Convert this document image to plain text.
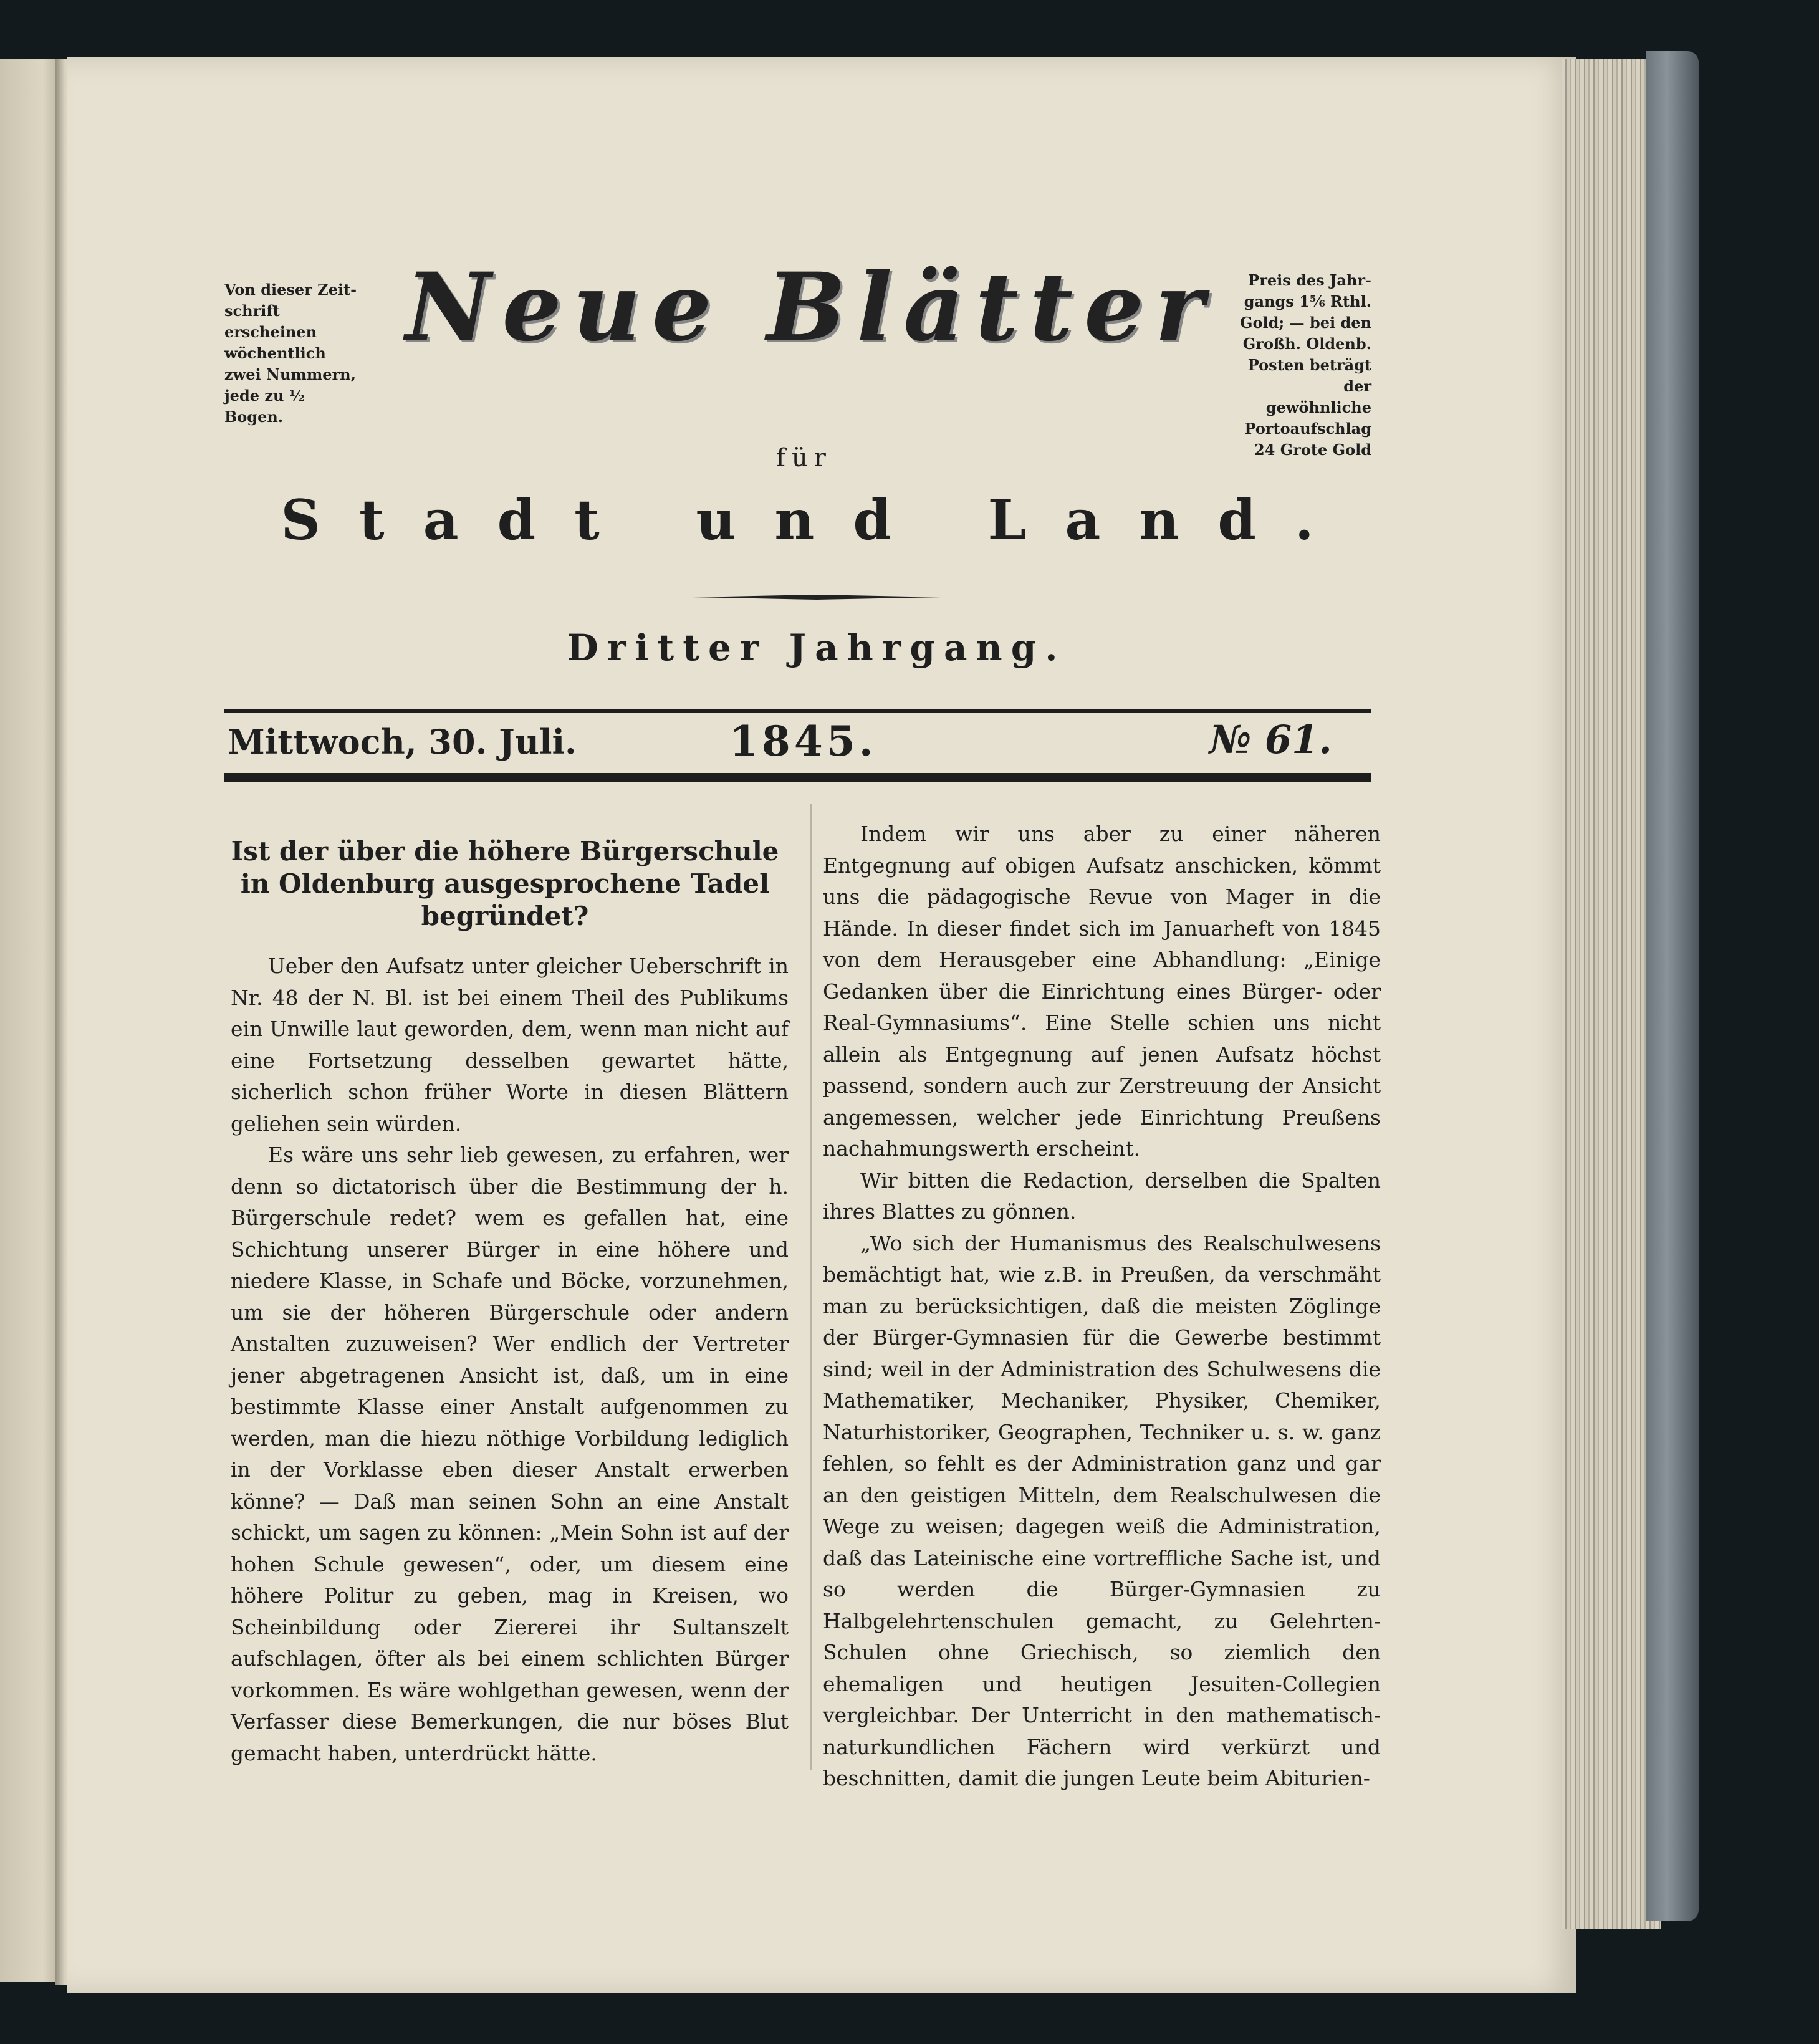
Von dieser Zeit-schrift erscheinen wöchentlich zwei Nummern, jede zu ½ Bogen.
Preis des Jahr-gangs 1⅚ Rthl. Gold; — bei den Großh. Oldenb. Posten beträgt der gewöhnliche Portoaufschlag 24 Grote Gold
Neue Blätter
für
Stadt und Land.
Dritter Jahrgang.
Mittwoch, 30. Juli.	1845.	№ 61.
Ist der über die höhere Bürgerschule in Oldenburg ausgesprochene Tadel begründet?

Ueber den Aufsatz unter gleicher Ueberschrift in Nr. 48 der N. Bl. ist bei einem Theil des Publikums ein Unwille laut geworden, dem, wenn man nicht auf eine Fortsetzung desselben gewartet hätte, sicherlich schon früher Worte in diesen Blättern geliehen sein würden.

Es wäre uns sehr lieb gewesen, zu erfahren, wer denn so dictatorisch über die Bestimmung der h. Bürgerschule redet? wem es gefallen hat, eine Schichtung unserer Bürger in eine höhere und niedere Klasse, in Schafe und Böcke, vorzunehmen, um sie der höheren Bürgerschule oder andern Anstalten zuzuweisen? Wer endlich der Vertreter jener abgetragenen Ansicht ist, daß, um in eine bestimmte Klasse einer Anstalt aufgenommen zu werden, man die hiezu nöthige Vorbildung lediglich in der Vorklasse eben dieser Anstalt erwerben könne? — Daß man seinen Sohn an eine Anstalt schickt, um sagen zu können: „Mein Sohn ist auf der hohen Schule gewesen“, oder, um diesem eine höhere Politur zu geben, mag in Kreisen, wo Scheinbildung oder Ziererei ihr Sultanszelt aufschlagen, öfter als bei einem schlichten Bürger vorkommen. Es wäre wohlgethan gewesen, wenn der Verfasser diese Bemerkungen, die nur böses Blut gemacht haben, unterdrückt hätte.

Indem wir uns aber zu einer näheren Entgegnung auf obigen Aufsatz anschicken, kömmt uns die pädagogische Revue von Mager in die Hände. In dieser findet sich im Januarheft von 1845 von dem Herausgeber eine Abhandlung: „Einige Gedanken über die Einrichtung eines Bürger- oder Real-Gymnasiums“. Eine Stelle schien uns nicht allein als Entgegnung auf jenen Aufsatz höchst passend, sondern auch zur Zerstreuung der Ansicht angemessen, welcher jede Einrichtung Preußens nachahmungswerth erscheint.

Wir bitten die Redaction, derselben die Spalten ihres Blattes zu gönnen.

„Wo sich der Humanismus des Realschulwesens bemächtigt hat, wie z.B. in Preußen, da verschmäht man zu berücksichtigen, daß die meisten Zöglinge der Bürger-Gymnasien für die Gewerbe bestimmt sind; weil in der Administration des Schulwesens die Mathematiker, Mechaniker, Physiker, Chemiker, Naturhistoriker, Geographen, Techniker u. s. w. ganz fehlen, so fehlt es der Administration ganz und gar an den geistigen Mitteln, dem Realschulwesen die Wege zu weisen; dagegen weiß die Administration, daß das Lateinische eine vortreffliche Sache ist, und so werden die Bürger-Gymnasien zu Halbgelehrtenschulen gemacht, zu Gelehrten-Schulen ohne Griechisch, so ziemlich den ehemaligen und heutigen Jesuiten-Collegien vergleichbar. Der Unterricht in den mathematisch-naturkundlichen Fächern wird verkürzt und beschnitten, damit die jungen Leute beim Abiturien-
